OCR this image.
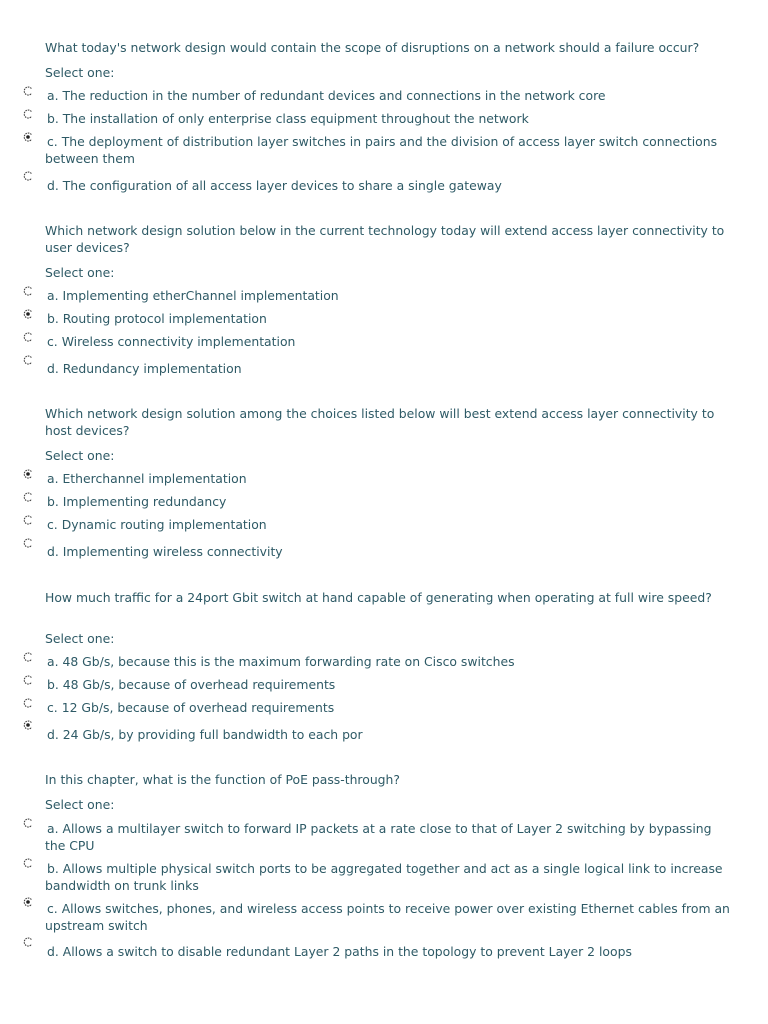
What today's network design would contain the scope of disruptions on a network should a failure occur?
Select one:
a. The reduction in the number of redundant devices and connections in the network core
b. The installation of only enterprise class equipment throughout the network
c. The deployment of distribution layer switches in pairs and the division of access layer switch connections between them
d. The configuration of all access layer devices to share a single gateway
Which network design solution below in the current technology today will extend access layer connectivity to user devices?
Select one:
a. Implementing etherChannel implementation
b. Routing protocol implementation
c. Wireless connectivity implementation
d. Redundancy implementation
Which network design solution among the choices listed below will best extend access layer connectivity to host devices?
Select one:
a. Etherchannel implementation
b. Implementing redundancy
c. Dynamic routing implementation
d. Implementing wireless connectivity
How much traffic for a 24port Gbit switch at hand capable of generating when operating at full wire speed?
Select one:
a. 48 Gb/s, because this is the maximum forwarding rate on Cisco switches
b. 48 Gb/s, because of overhead requirements
c. 12 Gb/s, because of overhead requirements
d. 24 Gb/s, by providing full bandwidth to each por
In this chapter, what is the function of PoE pass-through?
Select one:
a. Allows a multilayer switch to forward IP packets at a rate close to that of Layer 2 switching by bypassing the CPU
b. Allows multiple physical switch ports to be aggregated together and act as a single logical link to increase bandwidth on trunk links
c. Allows switches, phones, and wireless access points to receive power over existing Ethernet cables from an upstream switch
d. Allows a switch to disable redundant Layer 2 paths in the topology to prevent Layer 2 loops
